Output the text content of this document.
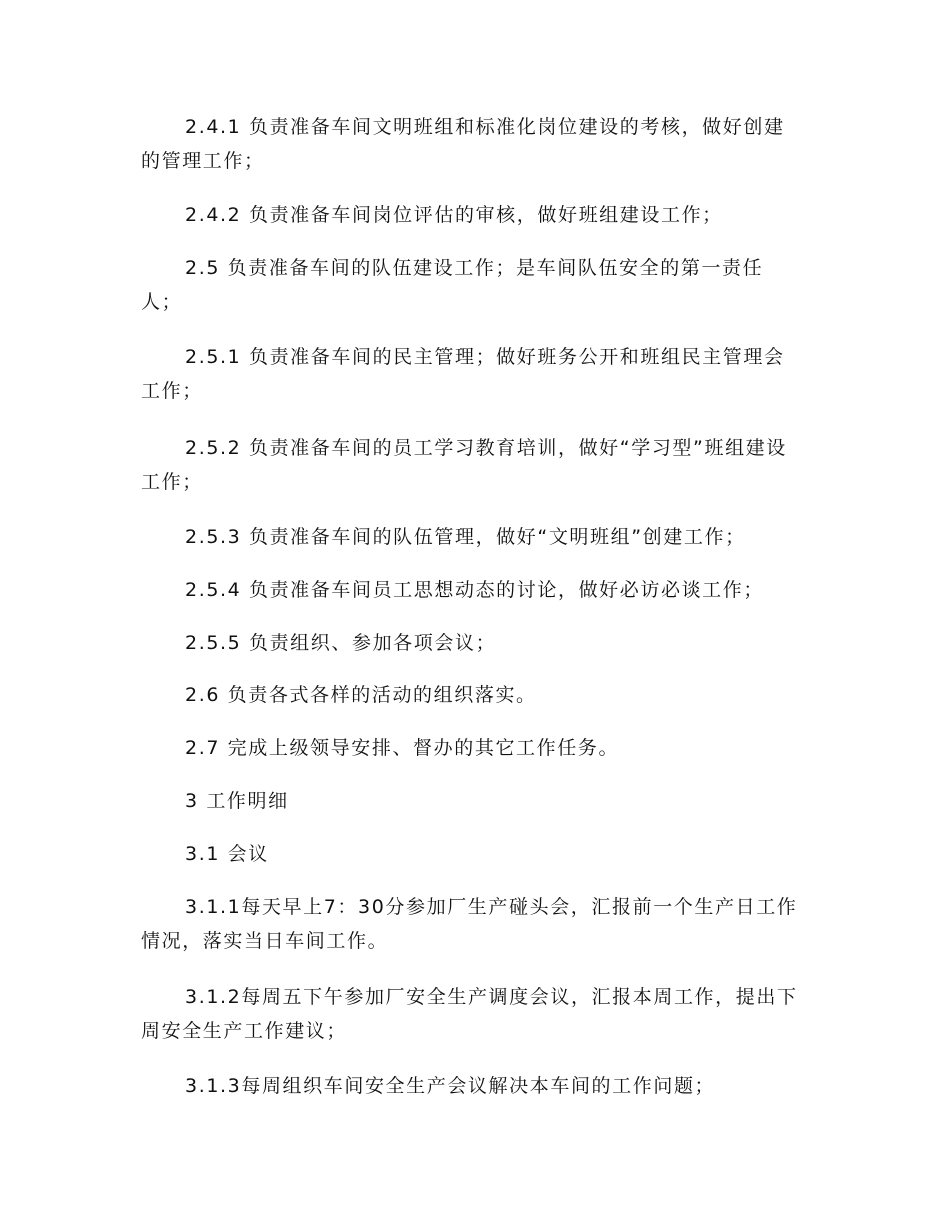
2.4.1 负责准备车间文明班组和标准化岗位建设的考核，做好创建的管理工作；

2.4.2 负责准备车间岗位评估的审核，做好班组建设工作；

2.5 负责准备车间的队伍建设工作；是车间队伍安全的第一责任人；

2.5.1 负责准备车间的民主管理；做好班务公开和班组民主管理会工作；

2.5.2 负责准备车间的员工学习教育培训，做好“学习型”班组建设工作；

2.5.3 负责准备车间的队伍管理，做好“文明班组”创建工作；

2.5.4 负责准备车间员工思想动态的讨论，做好必访必谈工作；

2.5.5 负责组织、参加各项会议；

2.6 负责各式各样的活动的组织落实。

2.7 完成上级领导安排、督办的其它工作任务。

3 工作明细

3.1 会议

3.1.1每天早上7：30分参加厂生产碰头会，汇报前一个生产日工作情况，落实当日车间工作。

3.1.2每周五下午参加厂安全生产调度会议，汇报本周工作，提出下周安全生产工作建议；

3.1.3每周组织车间安全生产会议解决本车间的工作问题；
